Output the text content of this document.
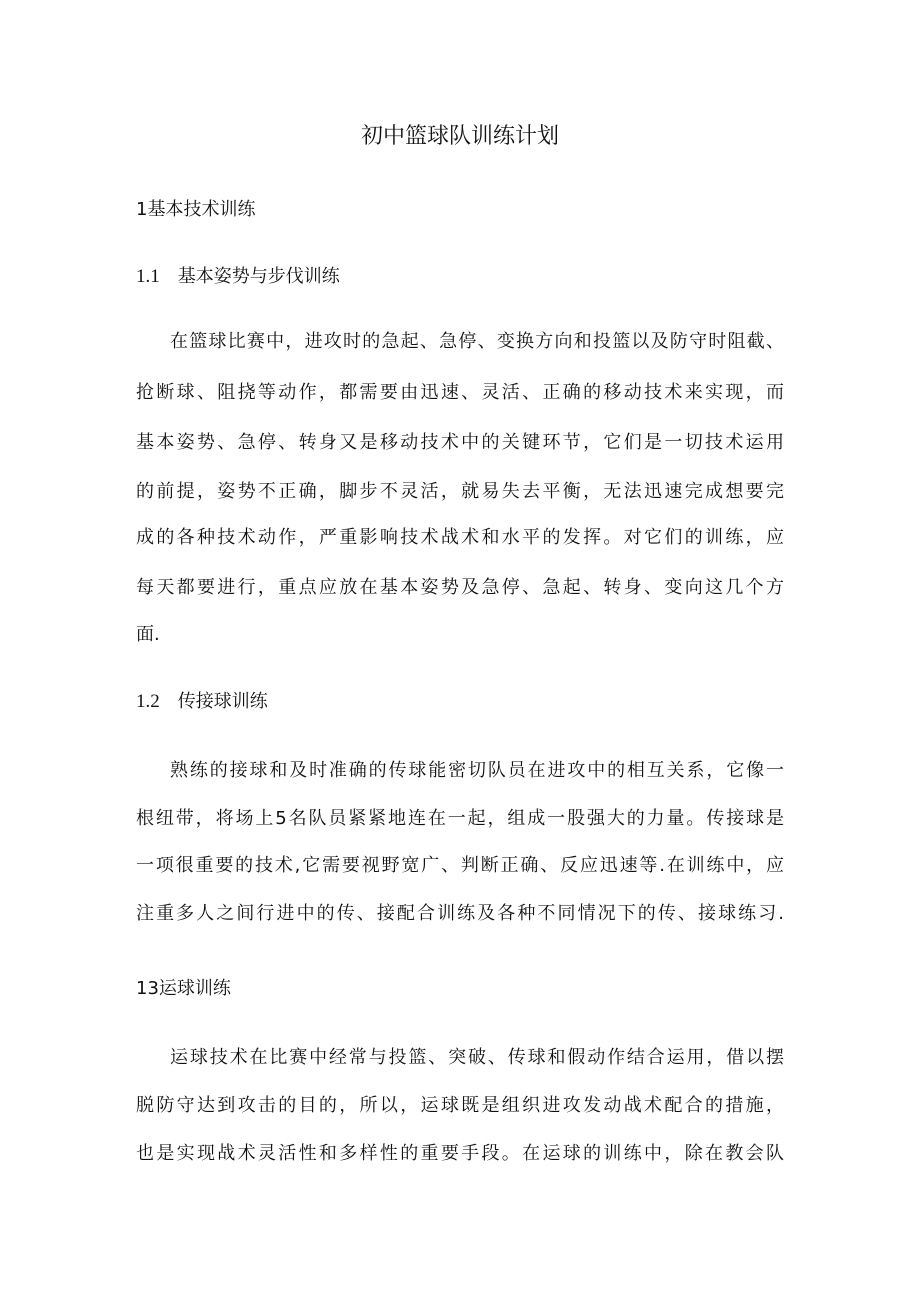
初中篮球队训练计划
1基本技术训练
1.1 基本姿势与步伐训练
在篮球比赛中，进攻时的急起、急停、变换方向和投篮以及防守时阻截、
抢断球、阻挠等动作，都需要由迅速、灵活、正确的移动技术来实现，而
基本姿势、急停、转身又是移动技术中的关键环节，它们是一切技术运用
的前提，姿势不正确，脚步不灵活，就易失去平衡，无法迅速完成想要完
成的各种技术动作，严重影响技术战术和水平的发挥。对它们的训练，应
每天都要进行，重点应放在基本姿势及急停、急起、转身、变向这几个方
面.
1.2 传接球训练
熟练的接球和及时准确的传球能密切队员在进攻中的相互关系，它像一
根纽带，将场上5名队员紧紧地连在一起，组成一股强大的力量。传接球是
一项很重要的技术,它需要视野宽广、判断正确、反应迅速等.在训练中，应
注重多人之间行进中的传、接配合训练及各种不同情况下的传、接球练习.
13运球训练
运球技术在比赛中经常与投篮、突破、传球和假动作结合运用，借以摆
脱防守达到攻击的目的，所以，运球既是组织进攻发动战术配合的措施，
也是实现战术灵活性和多样性的重要手段。在运球的训练中，除在教会队
